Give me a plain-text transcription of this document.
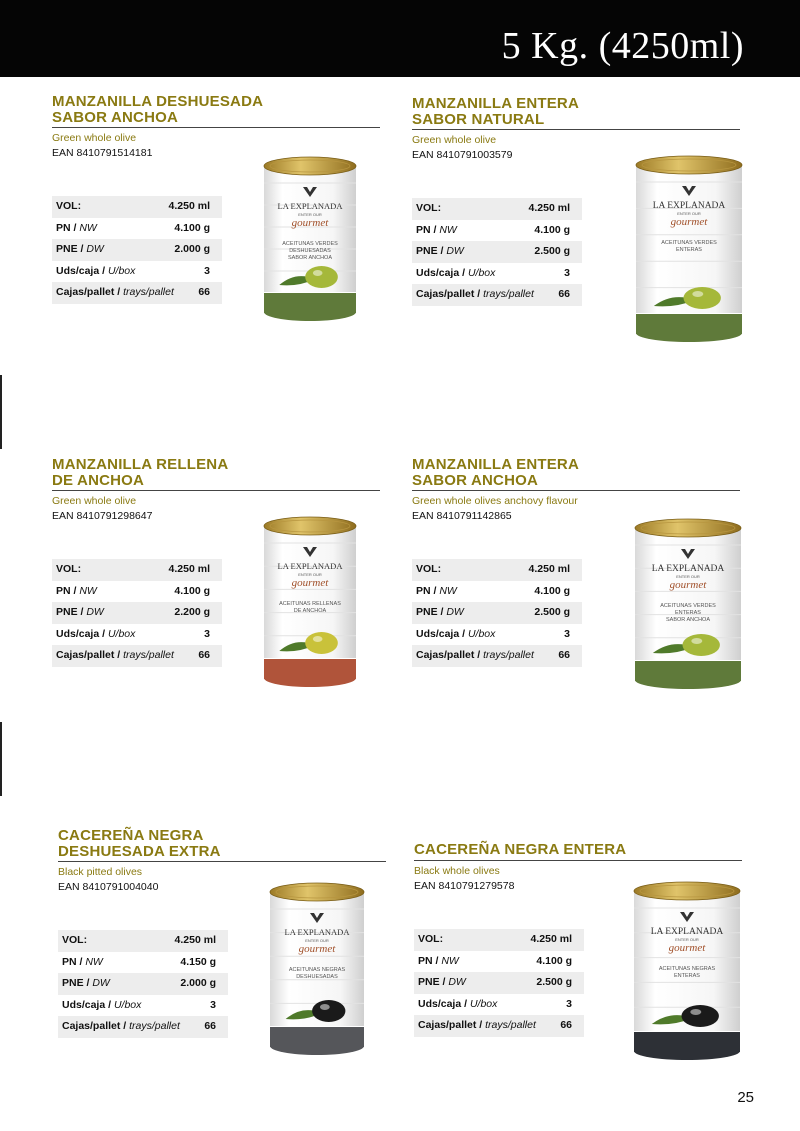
5 Kg. (4250ml)
MANZANILLA DESHUESADA
SABOR ANCHOA
Green whole olive
EAN 8410791514181
VOL:	4.250 ml
PN / NW	4.100 g
PNE / DW	2.000 g
Uds/caja / U/box	3
Cajas/pallet / trays/pallet 66
LA EXPLANADA
ENTER OUR
gourmet
ACEITUNAS VERDES
DESHUESADAS
SABOR ANCHOA
MANZANILLA ENTERA
SABOR NATURAL
Green whole olive
EAN 8410791003579
VOL:	4.250 ml
PN / NW	4.100 g
PNE / DW	2.500 g
Uds/caja / U/box	3
Cajas/pallet / trays/pallet 66
LA EXPLANADA
ENTER OUR
gourmet
ACEITUNAS VERDES
ENTERAS
MANZANILLA RELLENA
DE ANCHOA
Green whole olive
EAN 8410791298647
VOL:	4.250 ml
PN / NW	4.100 g
PNE / DW	2.200 g
Uds/caja / U/box	3
Cajas/pallet / trays/pallet 66
LA EXPLANADA
ENTER OUR
gourmet
ACEITUNAS RELLENAS
DE ANCHOA
MANZANILLA ENTERA
SABOR ANCHOA
Green whole olives anchovy flavour
EAN 8410791142865
VOL:	4.250 ml
PN / NW	4.100 g
PNE / DW	2.500 g
Uds/caja / U/box	3
Cajas/pallet / trays/pallet 66
LA EXPLANADA
ENTER OUR
gourmet
ACEITUNAS VERDES
ENTERAS
SABOR ANCHOA
CACEREÑA NEGRA
DESHUESADA EXTRA
Black pitted olives
EAN 8410791004040
VOL:	4.250 ml
PN / NW	4.150 g
PNE / DW	2.000 g
Uds/caja / U/box	3
Cajas/pallet / trays/pallet 66
LA EXPLANADA
ENTER OUR
gourmet
ACEITUNAS NEGRAS
DESHUESADAS
CACEREÑA NEGRA ENTERA
Black whole olives
EAN 8410791279578
VOL:	4.250 ml
PN / NW	4.100 g
PNE / DW	2.500 g
Uds/caja / U/box	3
Cajas/pallet / trays/pallet 66
LA EXPLANADA
ENTER OUR
gourmet
ACEITUNAS NEGRAS
ENTERAS
25
